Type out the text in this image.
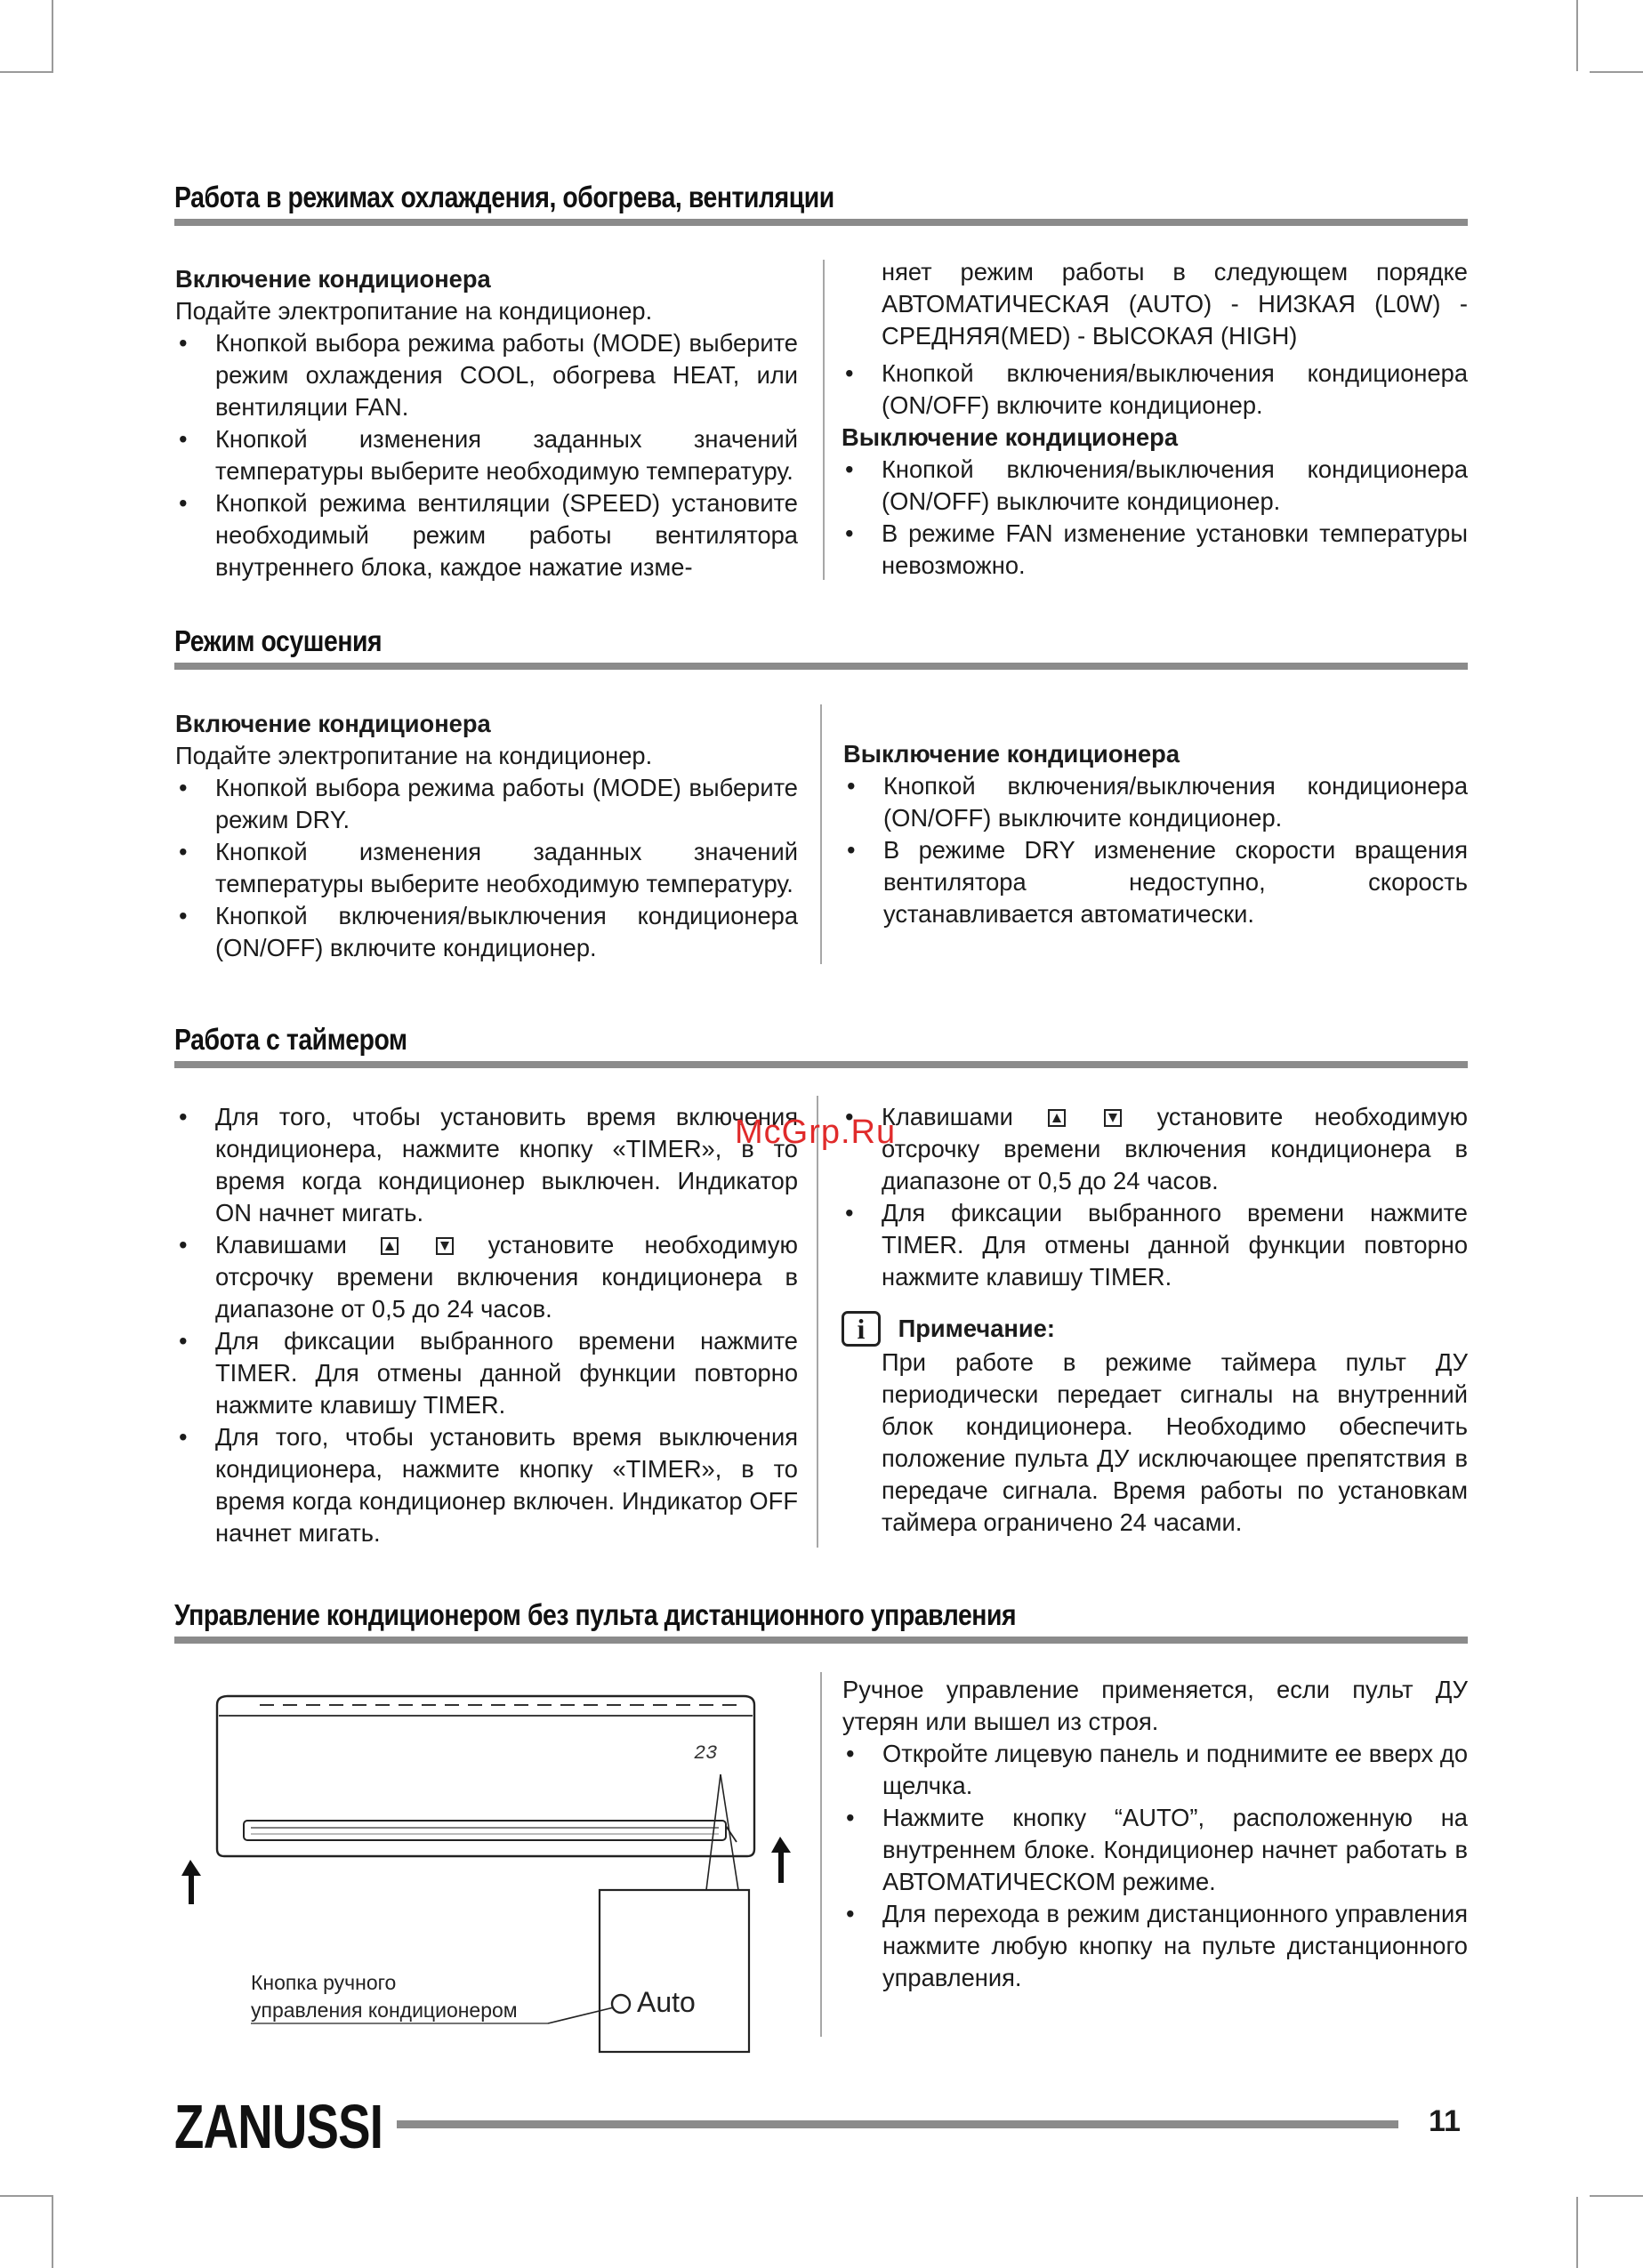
Работа в режимах охлаждения, обогрева, вентиляции

Включение кондиционера

Подайте электропитание на кондиционер.

• Кнопкой выбора режима работы (MODE) выберите режим охлаждения COOL, обогрева HEAT, или вентиляции FAN.
• Кнопкой изменения заданных значений температуры выберите необходимую температуру.
• Кнопкой режима вентиляции (SPEED) установите необходимый режим работы вентилятора внутреннего блока, каждое нажатие изме-

няет режим работы в следующем порядке АВТОМАТИЧЕСКАЯ (AUTO) - НИЗКАЯ (L0W) - СРЕДНЯЯ(MED) - ВЫСОКАЯ (HIGH)

• Кнопкой включения/выключения кондиционера (ON/OFF) включите кондиционер.

Выключение кондиционера

• Кнопкой включения/выключения кондиционера (ON/OFF) выключите кондиционер.
• В режиме FAN изменение установки температуры невозможно.
Режим осушения

Включение кондиционера

Подайте электропитание на кондиционер.

• Кнопкой выбора режима работы (MODE) выберите режим DRY.
• Кнопкой изменения заданных значений температуры выберите необходимую температуру.
• Кнопкой включения/выключения кондиционера (ON/OFF) включите кондиционер.

Выключение кондиционера

• Кнопкой включения/выключения кондиционера (ON/OFF) выключите кондиционер.
• В режиме DRY изменение скорости вращения вентилятора недоступно, скорость устанавливается автоматически.
Работа с таймером
• Для того, чтобы установить время включения кондиционера, нажмите кнопку «TIMER», в то время когда кондиционер выключен. Индикатор ON начнет мигать.
• Клавишами
	установите необходимую отсрочку времени включения кондиционера в диапазоне от 0,5 до 24 часов.
• Для фиксации выбранного времени нажмите TIMER. Для отмены данной функции повторно нажмите клавишу TIMER.
• Для того, чтобы установить время выключения кондиционера, нажмите кнопку «TIMER», в то время когда кондиционер включен. Индикатор OFF начнет мигать.
• Клавишами
	установите необходимую отсрочку времени включения кондиционера в диапазоне от 0,5 до 24 часов.
• Для фиксации выбранного времени нажмите TIMER. Для отмены данной функции повторно нажмите клавишу TIMER.
i Примечание:

При работе в режиме таймера пульт ДУ периодически передает сигналы на внутренний блок кондиционера. Необходимо обеспечить положение пульта ДУ исключающее препятствия в передаче сигнала. Время работы по установкам таймера ограничено 24 часами.

McGrp.Ru
Управление кондиционером без пульта дистанционного управления
23
Кнопка ручного
управления кондиционером	Auto

Ручное управление применяется, если пульт ДУ утерян или вышел из строя.

• Откройте лицевую панель и поднимите ее вверх до щелчка.
• Нажмите кнопку “AUTO”, расположенную на внутреннем блоке. Кондиционер начнет работать в АВТОМАТИЧЕСКОМ режиме.
• Для перехода в режим дистанционного управления нажмите любую кнопку на пульте дистанционного управления.
ZANUSSI	11
